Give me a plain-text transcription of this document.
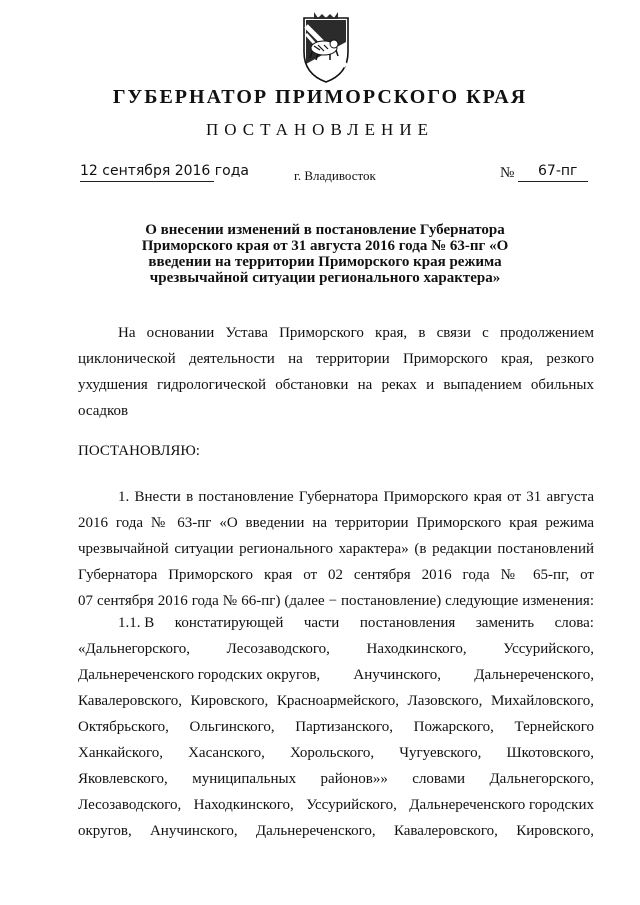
ГУБЕРНАТОР ПРИМОРСКОГО КРАЯ
ПОСТАНОВЛЕНИЕ
12 сентября 2016 года	г. Владивосток	№ 67-пг
О внесении изменений в постановление Губернатора
Приморского края от 31 августа 2016 года № 63-пг «О
введении на территории Приморского края режима
чрезвычайной ситуации регионального характера»
На основании Устава Приморского края, в связи с продолжением
циклонической деятельности на территории Приморского края, резкого
ухудшения гидрологической обстановки на реках и выпадением обильных
осадков
ПОСТАНОВЛЯЮ:
1. Внести в постановление Губернатора Приморского края от 31 августа
2016 года № 63-пг «О введении на территории Приморского края режима
чрезвычайной ситуации регионального характера» (в редакции постановлений
Губернатора Приморского края от 02 сентября 2016 года № 65-пг, от
07 сентября 2016 года № 66-пг) (далее − постановление) следующие изменения:
1.1. В констатирующей части постановления заменить слова:
«Дальнегорского, Лесозаводского, Находкинского, Уссурийского,
Дальнереченского городских округов, Анучинского, Дальнереченского,
Кавалеровского, Кировского, Красноармейского, Лазовского, Михайловского,
Октябрьского, Ольгинского, Партизанского, Пожарского, Тернейского
Ханкайского, Хасанского, Хорольского, Чугуевского, Шкотовского,
Яковлевского, муниципальных районов»» словами Дальнегорского,
Лесозаводского, Находкинского, Уссурийского, Дальнереченского городских
округов, Анучинского, Дальнереченского, Кавалеровского, Кировского,
